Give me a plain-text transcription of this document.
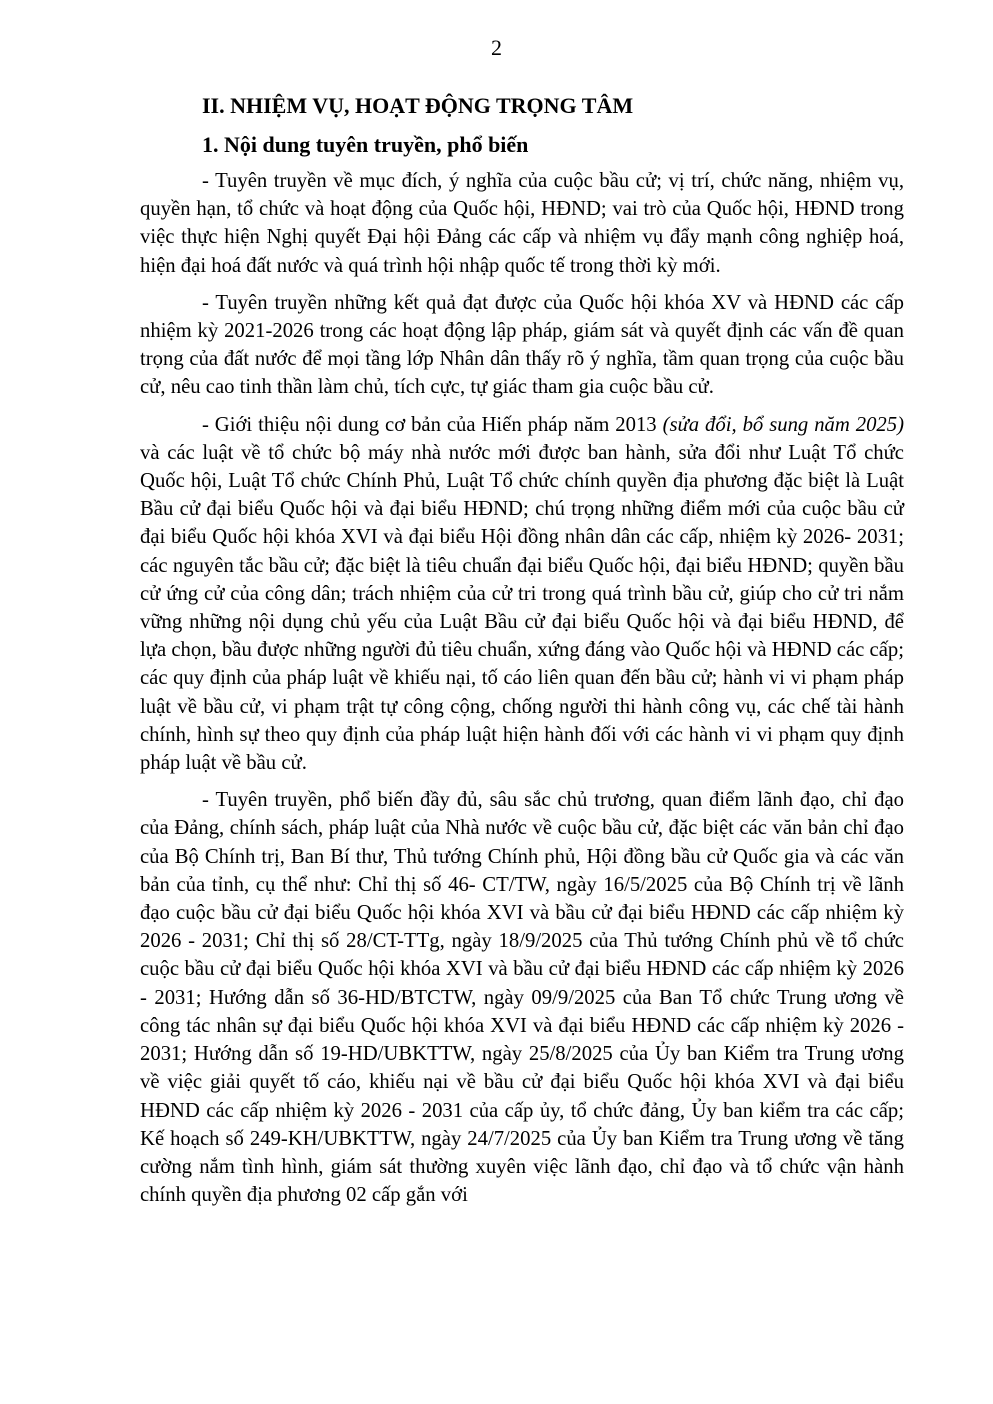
2
II. NHIỆM VỤ, HOẠT ĐỘNG TRỌNG TÂM
1. Nội dung tuyên truyền, phổ biến

- Tuyên truyền về mục đích, ý nghĩa của cuộc bầu cử; vị trí, chức năng, nhiệm vụ, quyền hạn, tổ chức và hoạt động của Quốc hội, HĐND; vai trò của Quốc hội, HĐND trong việc thực hiện Nghị quyết Đại hội Đảng các cấp và nhiệm vụ đẩy mạnh công nghiệp hoá, hiện đại hoá đất nước và quá trình hội nhập quốc tế trong thời kỳ mới.

- Tuyên truyền những kết quả đạt được của Quốc hội khóa XV và HĐND các cấp nhiệm kỳ 2021-2026 trong các hoạt động lập pháp, giám sát và quyết định các vấn đề quan trọng của đất nước để mọi tầng lớp Nhân dân thấy rõ ý nghĩa, tầm quan trọng của cuộc bầu cử, nêu cao tinh thần làm chủ, tích cực, tự giác tham gia cuộc bầu cử.

- Giới thiệu nội dung cơ bản của Hiến pháp năm 2013 (sửa đổi, bổ sung năm 2025) và các luật về tổ chức bộ máy nhà nước mới được ban hành, sửa đổi như Luật Tổ chức Quốc hội, Luật Tổ chức Chính Phủ, Luật Tổ chức chính quyền địa phương đặc biệt là Luật Bầu cử đại biểu Quốc hội và đại biểu HĐND; chú trọng những điểm mới của cuộc bầu cử đại biểu Quốc hội khóa XVI và đại biểu Hội đồng nhân dân các cấp, nhiệm kỳ 2026- 2031; các nguyên tắc bầu cử; đặc biệt là tiêu chuẩn đại biểu Quốc hội, đại biểu HĐND; quyền bầu cử ứng cử của công dân; trách nhiệm của cử tri trong quá trình bầu cử, giúp cho cử tri nắm vững những nội dụng chủ yếu của Luật Bầu cử đại biểu Quốc hội và đại biểu HĐND, để lựa chọn, bầu được những người đủ tiêu chuẩn, xứng đáng vào Quốc hội và HĐND các cấp; các quy định của pháp luật về khiếu nại, tố cáo liên quan đến bầu cử; hành vi vi phạm pháp luật về bầu cử, vi phạm trật tự công cộng, chống người thi hành công vụ, các chế tài hành chính, hình sự theo quy định của pháp luật hiện hành đối với các hành vi vi phạm quy định pháp luật về bầu cử.

- Tuyên truyền, phổ biến đầy đủ, sâu sắc chủ trương, quan điểm lãnh đạo, chỉ đạo của Đảng, chính sách, pháp luật của Nhà nước về cuộc bầu cử, đặc biệt các văn bản chỉ đạo của Bộ Chính trị, Ban Bí thư, Thủ tướng Chính phủ, Hội đồng bầu cử Quốc gia và các văn bản của tỉnh, cụ thể như: Chỉ thị số 46- CT/TW, ngày 16/5/2025 của Bộ Chính trị về lãnh đạo cuộc bầu cử đại biểu Quốc hội khóa XVI và bầu cử đại biểu HĐND các cấp nhiệm kỳ 2026 - 2031; Chỉ thị số 28/CT-TTg, ngày 18/9/2025 của Thủ tướng Chính phủ về tổ chức cuộc bầu cử đại biểu Quốc hội khóa XVI và bầu cử đại biểu HĐND các cấp nhiệm kỳ 2026 - 2031; Hướng dẫn số 36-HD/BTCTW, ngày 09/9/2025 của Ban Tổ chức Trung ương về công tác nhân sự đại biểu Quốc hội khóa XVI và đại biểu HĐND các cấp nhiệm kỳ 2026 - 2031; Hướng dẫn số 19-HD/UBKTTW, ngày 25/8/2025 của Ủy ban Kiểm tra Trung ương về việc giải quyết tố cáo, khiếu nại về bầu cử đại biểu Quốc hội khóa XVI và đại biểu HĐND các cấp nhiệm kỳ 2026 - 2031 của cấp ủy, tổ chức đảng, Ủy ban kiểm tra các cấp; Kế hoạch số 249-KH/UBKTTW, ngày 24/7/2025 của Ủy ban Kiểm tra Trung ương về tăng cường nắm tình hình, giám sát thường xuyên việc lãnh đạo, chỉ đạo và tổ chức vận hành chính quyền địa phương 02 cấp gắn với
